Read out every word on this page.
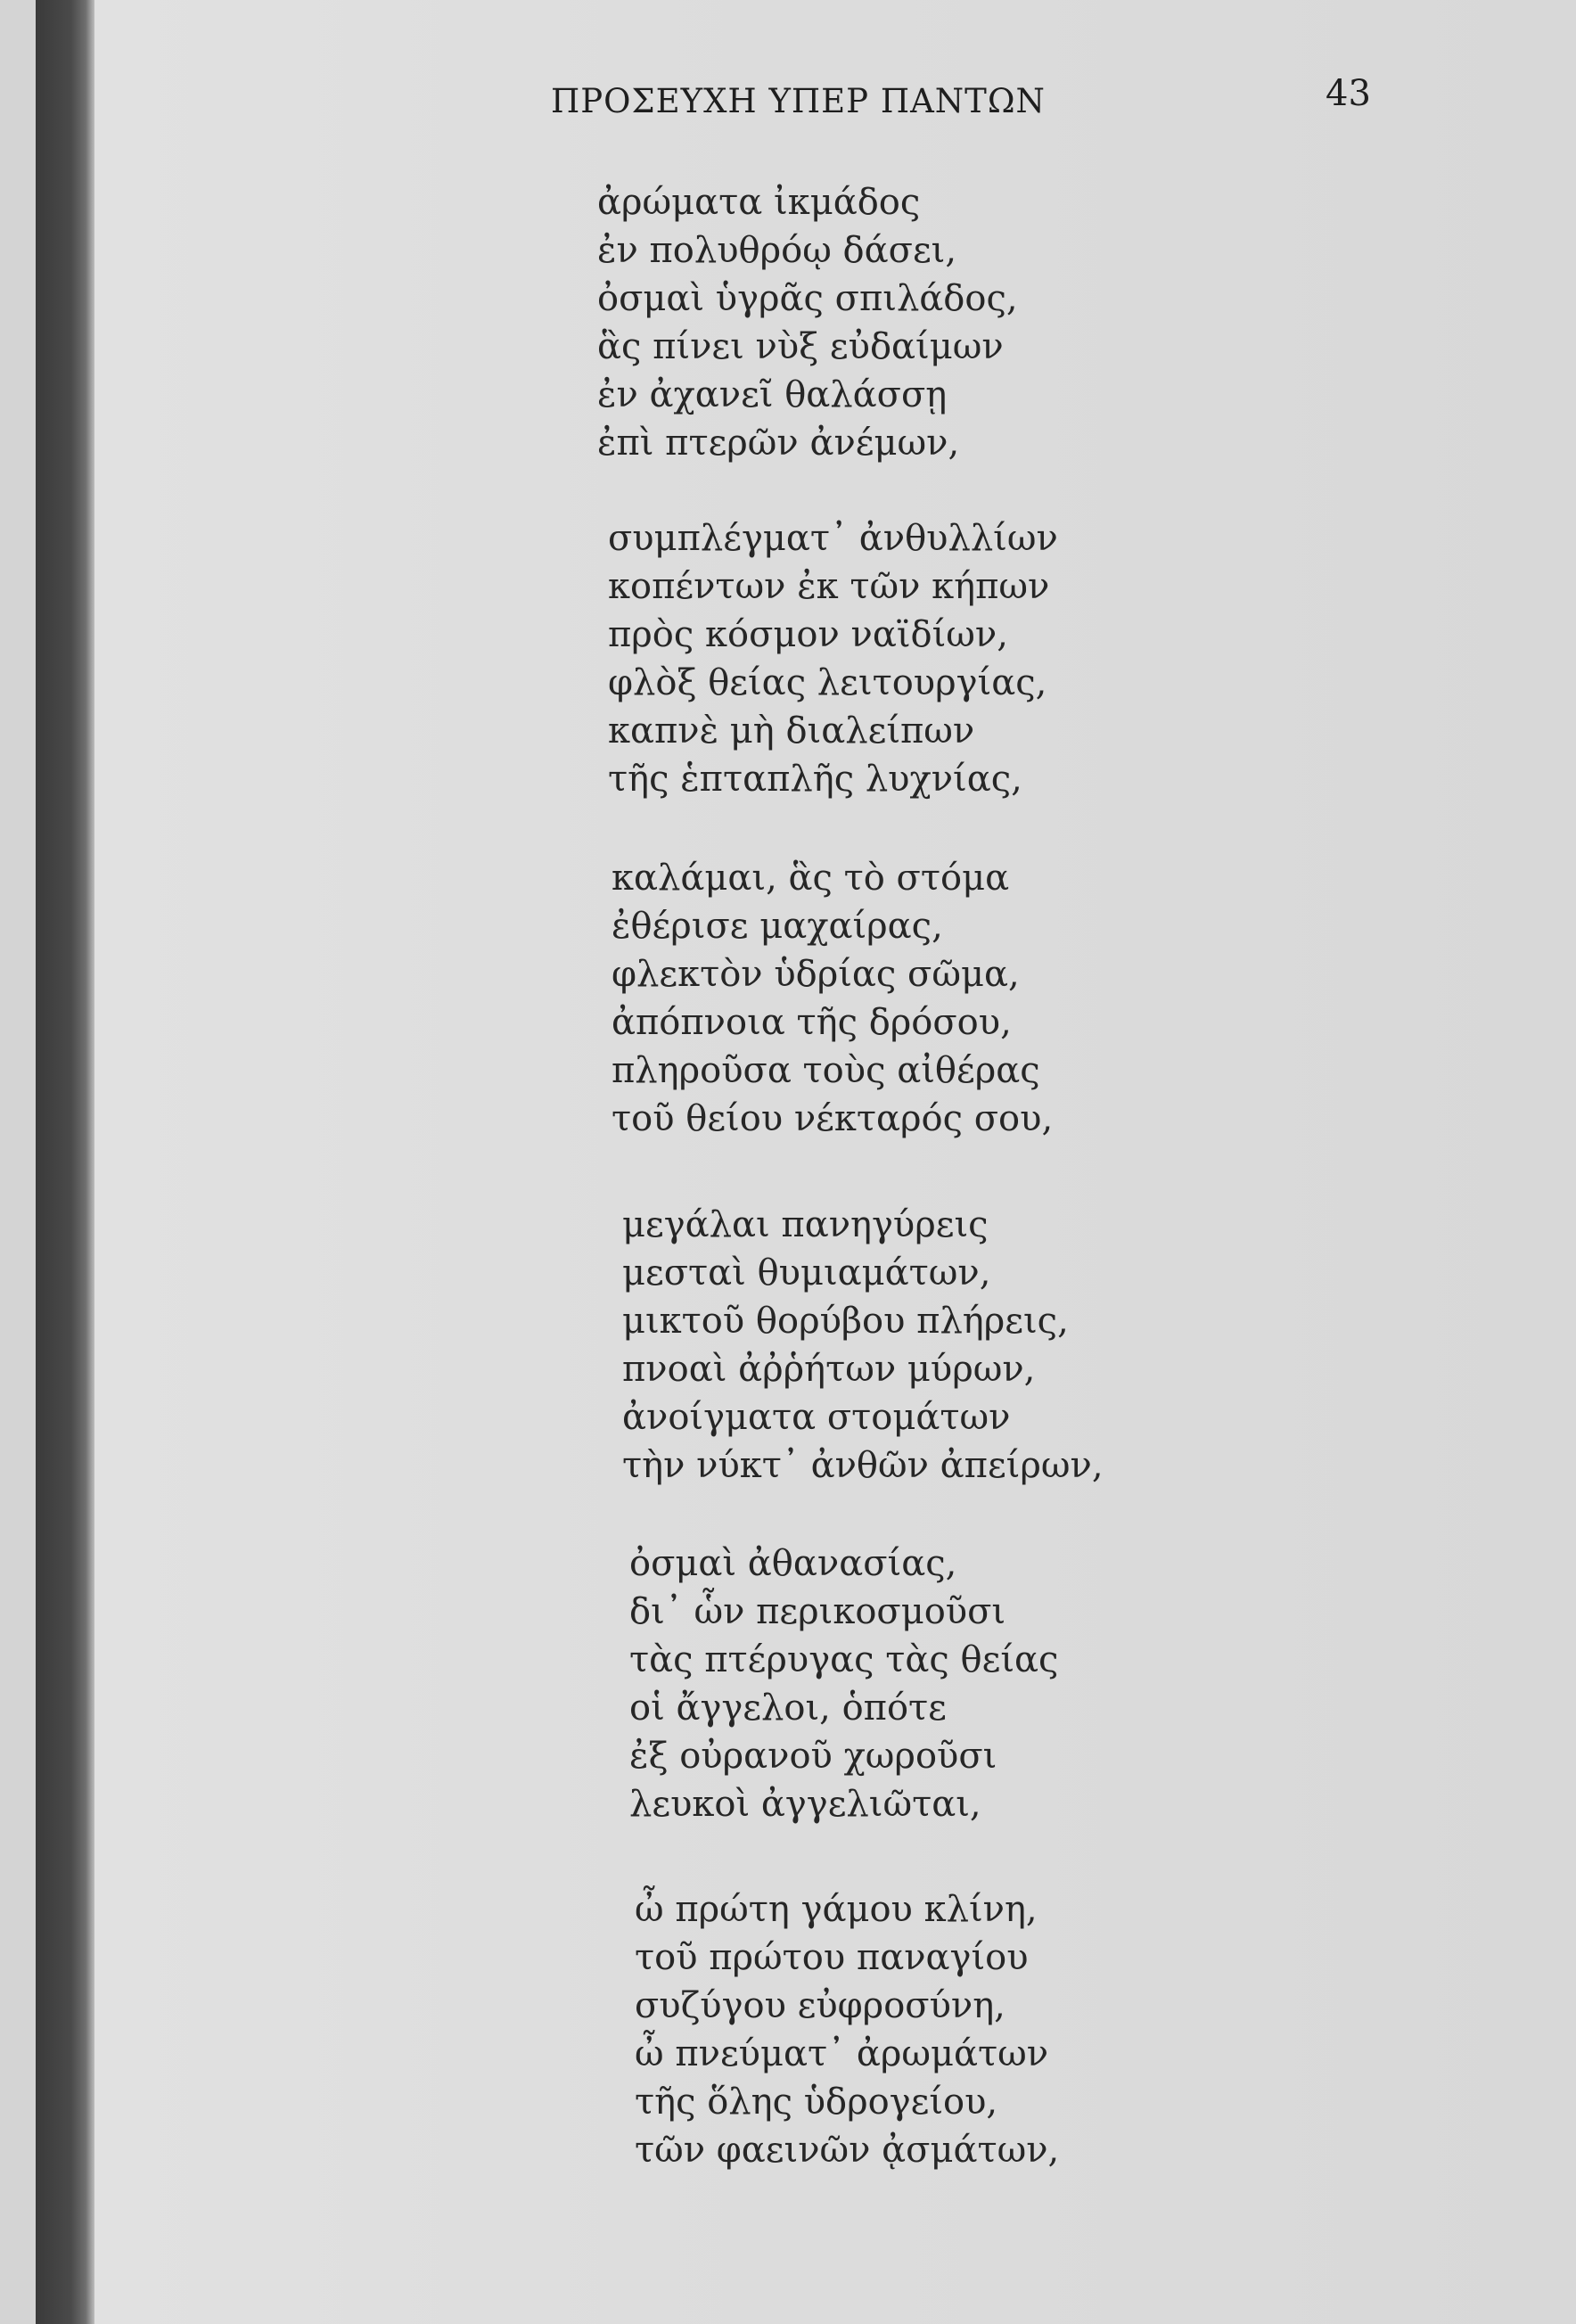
ΠΡΟΣΕΥΧΗ ΥΠΕΡ ΠΑΝΤΩΝ	43
ἀρώματα ἰκμάδος
ἐν πολυθρόῳ δάσει,
ὀσμαὶ ὑγρᾶς σπιλάδος,
ἃς πίνει νὺξ εὐδαίμων
ἐν ἀχανεῖ θαλάσσῃ
ἐπὶ πτερῶν ἀνέμων,
συμπλέγματ᾿ ἀνθυλλίων
κοπέντων ἐκ τῶν κήπων
πρὸς κόσμον ναϊδίων,
φλὸξ θείας λειτουργίας,
καπνὲ μὴ διαλείπων
τῆς ἑπταπλῆς λυχνίας,
καλάμαι, ἃς τὸ στόμα
ἐθέρισε μαχαίρας,
φλεκτὸν ὑδρίας σῶμα,
ἀπόπνοια τῆς δρόσου,
πληροῦσα τοὺς αἰθέρας
τοῦ θείου νέκταρός σου,
μεγάλαι πανηγύρεις
μεσταὶ θυμιαμάτων,
μικτοῦ θορύβου πλήρεις,
πνοαὶ ἀῤῥήτων μύρων,
ἀνοίγματα στομάτων
τὴν νύκτ᾿ ἀνθῶν ἀπείρων,
ὀσμαὶ ἀθανασίας,
δι᾿ ὧν περικοσμοῦσι
τὰς πτέρυγας τὰς θείας
οἱ ἄγγελοι, ὁπότε
ἐξ οὐρανοῦ χωροῦσι
λευκοὶ ἀγγελιῶται,
ὦ πρώτη γάμου κλίνη,
τοῦ πρώτου παναγίου
συζύγου εὐφροσύνη,
ὦ πνεύματ᾿ ἀρωμάτων
τῆς ὅλης ὑδρογείου,
τῶν φαεινῶν ᾀσμάτων,
